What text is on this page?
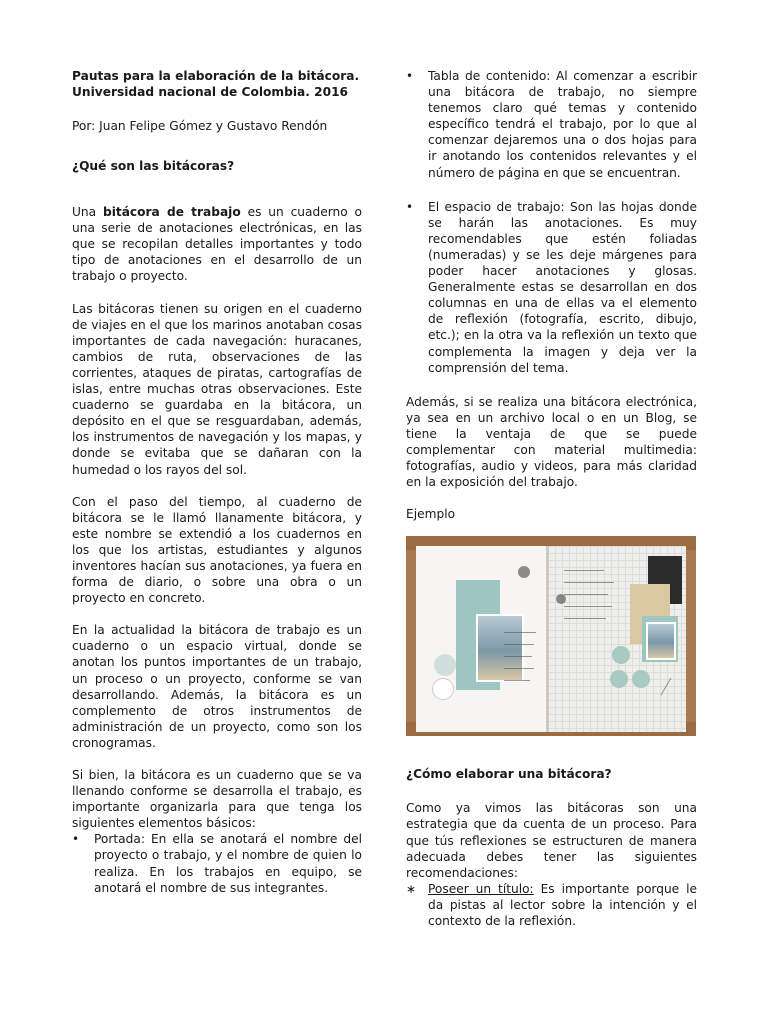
Pautas para la elaboración de la bitácora.
Universidad nacional de Colombia. 2016

Por: Juan Felipe Gómez y Gustavo Rendón

¿Qué son las bitácoras?

Una bitácora de trabajo es un cuaderno o una serie de anotaciones electrónicas, en las que se recopilan detalles importantes y todo tipo de anotaciones en el desarrollo de un trabajo o proyecto.

Las bitácoras tienen su origen en el cuaderno de viajes en el que los marinos anotaban cosas importantes de cada navegación: huracanes, cambios de ruta, observaciones de las corrientes, ataques de piratas, cartografías de islas, entre muchas otras observaciones. Este cuaderno se guardaba en la bitácora, un depósito en el que se resguardaban, además, los instrumentos de navegación y los mapas, y donde se evitaba que se dañaran con la humedad o los rayos del sol.

Con el paso del tiempo, al cuaderno de bitácora se le llamó llanamente bitácora, y este nombre se extendió a los cuadernos en los que los artistas, estudiantes y algunos inventores hacían sus anotaciones, ya fuera en forma de diario, o sobre una obra o un proyecto en concreto.

En la actualidad la bitácora de trabajo es un cuaderno o un espacio virtual, donde se anotan los puntos importantes de un trabajo, un proceso o un proyecto, conforme se van desarrollando. Además, la bitácora es un complemento de otros instrumentos de administración de un proyecto, como son los cronogramas.

Si bien, la bitácora es un cuaderno que se va llenando conforme se desarrolla el trabajo, es importante organizarla para que tenga los siguientes elementos básicos:

• Portada: En ella se anotará el nombre del proyecto o trabajo, y el nombre de quien lo realiza. En los trabajos en equipo, se anotará el nombre de sus integrantes.
• Tabla de contenido: Al comenzar a escribir una bitácora de trabajo, no siempre tenemos claro qué temas y contenido específico tendrá el trabajo, por lo que al comenzar dejaremos una o dos hojas para ir anotando los contenidos relevantes y el número de página en que se encuentran.
• El espacio de trabajo: Son las hojas donde se harán las anotaciones. Es muy recomendables que estén foliadas (numeradas) y se les deje márgenes para poder hacer anotaciones y glosas. Generalmente estas se desarrollan en dos columnas en una de ellas va el elemento de reflexión (fotografía, escrito, dibujo, etc.); en la otra va la reflexión un texto que complementa la imagen y deja ver la comprensión del tema.

Además, si se realiza una bitácora electrónica, ya sea en un archivo local o en un Blog, se tiene la ventaja de que se puede complementar con material multimedia: fotografías, audio y videos, para más claridad en la exposición del trabajo.

Ejemplo

¿Cómo elaborar una bitácora?

Como ya vimos las bitácoras son una estrategia que da cuenta de un proceso. Para que tús reflexiones se estructuren de manera adecuada debes tener las siguientes recomendaciones:

∗ Poseer un título: Es importante porque le da pistas al lector sobre la intención y el contexto de la reflexión.
